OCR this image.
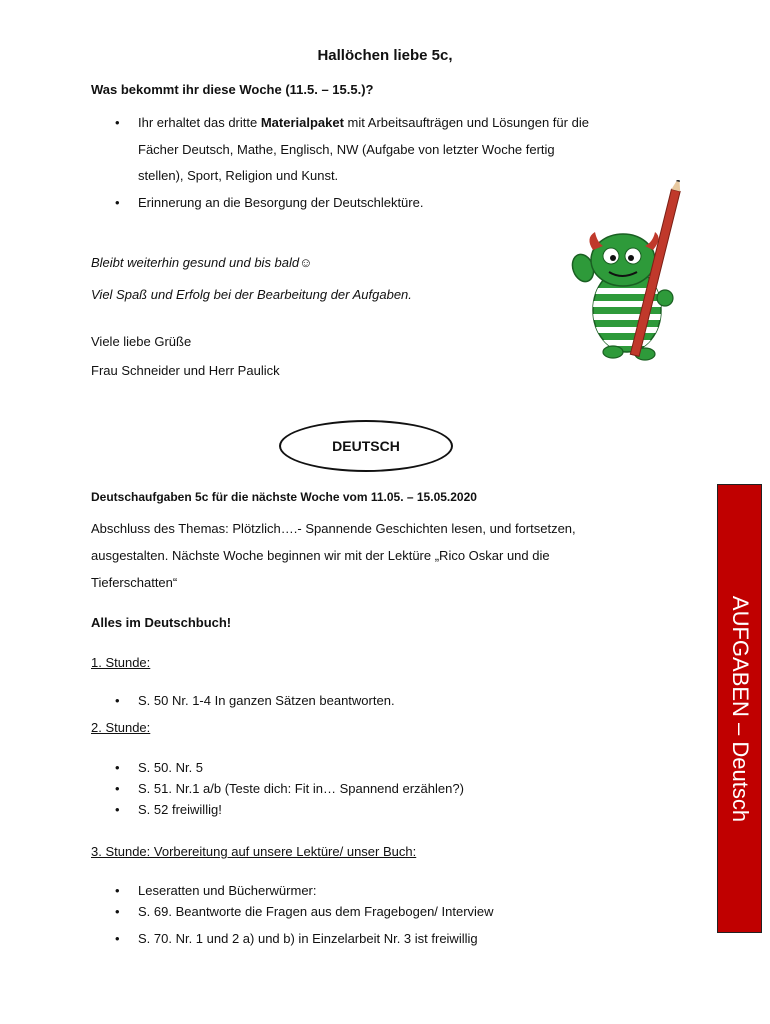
Hallöchen liebe 5c,
Was bekommt ihr diese Woche (11.5. – 15.5.)?
• Ihr erhaltet das dritte Materialpaket mit Arbeitsaufträgen und Lösungen für die
Fächer Deutsch, Mathe, Englisch, NW (Aufgabe von letzter Woche fertig
stellen), Sport, Religion und Kunst.
• Erinnerung an die Besorgung der Deutschlektüre.
Bleibt weiterhin gesund und bis bald☺
Viel Spaß und Erfolg bei der Bearbeitung der Aufgaben.
Viele liebe Grüße
Frau Schneider und Herr Paulick
DEUTSCH
Deutschaufgaben 5c für die nächste Woche vom 11.05. – 15.05.2020
Abschluss des Themas: Plötzlich….- Spannende Geschichten lesen, und fortsetzen,
ausgestalten. Nächste Woche beginnen wir mit der Lektüre „Rico Oskar und die
Tieferschatten“
Alles im Deutschbuch!
1. Stunde:
• S. 50 Nr. 1-4 In ganzen Sätzen beantworten.
2. Stunde:
• S. 50. Nr. 5
• S. 51. Nr.1 a/b (Teste dich: Fit in… Spannend erzählen?)
• S. 52 freiwillig!
3. Stunde: Vorbereitung auf unsere Lektüre/ unser Buch:
• Leseratten und Bücherwürmer:
• S. 69. Beantworte die Fragen aus dem Fragebogen/ Interview
• S. 70. Nr. 1 und 2 a) und b) in Einzelarbeit Nr. 3 ist freiwillig
AUFGABEN – Deutsch
